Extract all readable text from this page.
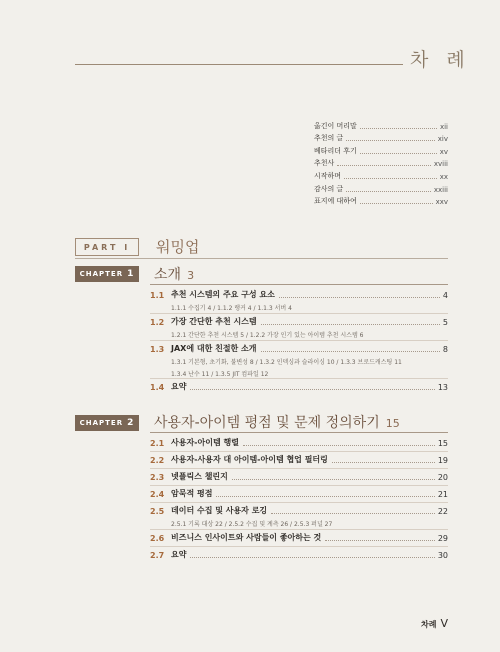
차 례
옮긴이 머리말	xii
추천의 글	xiv
베타리더 후기	xv
추천사	xviii
시작하며	xx
감사의 글	xxiii
표지에 대하여	xxv
PART I	워밍업
CHAPTER 1 소개 3
1.1 추천 시스템의 주요 구성 요소	4
1.1.1 수집기 4 / 1.1.2 랭커 4 / 1.1.3 서버 4
1.2 가장 간단한 추천 시스템	5
1.2.1 간단한 추천 시스템 5 / 1.2.2 가장 인기 있는 아이템 추천 시스템 6
1.3 JAX에 대한 친절한 소개	8
1.3.1 기본형, 초기화, 불변성 8 / 1.3.2 인덱싱과 슬라이싱 10 / 1.3.3 브로드캐스팅 11
1.3.4 난수 11 / 1.3.5 JIT 컴파일 12
1.4 요약	13
CHAPTER 2 사용자-아이템 평점 및 문제 정의하기 15
2.1 사용자-아이템 행렬	15
2.2 사용자-사용자 대 아이템-아이템 협업 필터링	19
2.3 넷플릭스 챌린지	20
2.4 암묵적 평점	21
2.5 데이터 수집 및 사용자 로깅	22
2.5.1 기록 대상 22 / 2.5.2 수집 및 계측 26 / 2.5.3 퍼널 27
2.6 비즈니스 인사이트와 사람들이 좋아하는 것	29
2.7 요약	30
차례 V
